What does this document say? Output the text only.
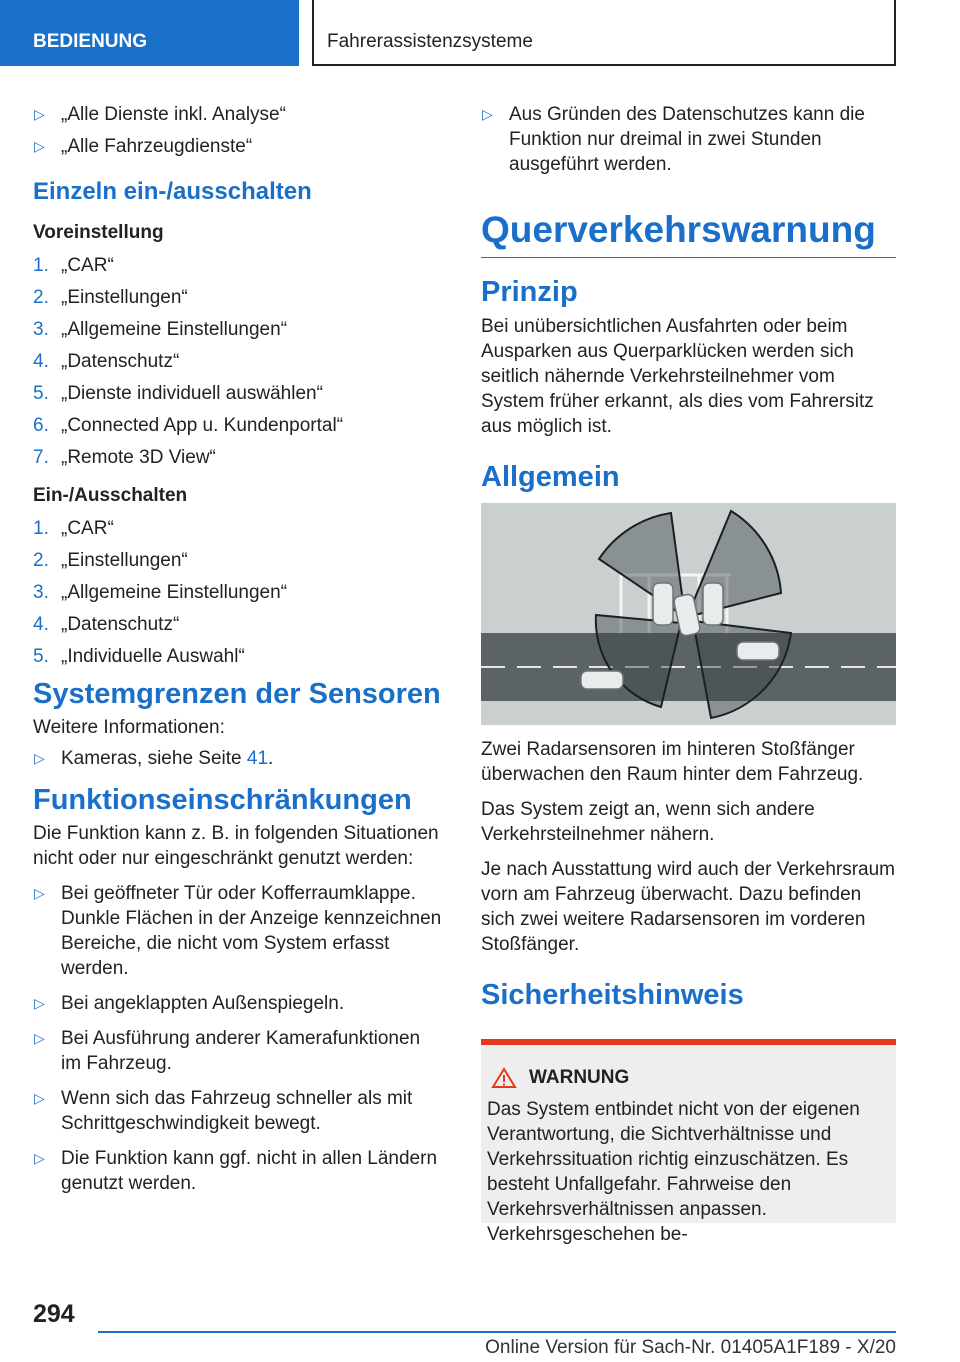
BEDIENUNG	Fahrerassistenzsysteme
▷ „Alle Dienste inkl. Analyse“
▷ „Alle Fahrzeugdienste“
Einzeln ein-/ausschalten
Voreinstellung
1. „CAR“
2. „Einstellungen“
3. „Allgemeine Einstellungen“
4. „Datenschutz“
5. „Dienste individuell auswählen“
6. „Connected App u. Kundenportal“
7. „Remote 3D View“
Ein-/Ausschalten
1. „CAR“
2. „Einstellungen“
3. „Allgemeine Einstellungen“
4. „Datenschutz“
5. „Individuelle Auswahl“
Systemgrenzen der Sensoren

Weitere Informationen:

▷ Kameras, siehe Seite 41.
Funktionseinschränkungen

Die Funktion kann z. B. in folgenden Situationen nicht oder nur eingeschränkt genutzt werden:

▷ Bei geöffneter Tür oder Kofferraumklappe. Dunkle Flächen in der Anzeige kennzeichnen Bereiche, die nicht vom System erfasst werden.
▷ Bei angeklappten Außenspiegeln.
▷ Bei Ausführung anderer Kamerafunktionen im Fahrzeug.
▷ Wenn sich das Fahrzeug schneller als mit Schrittgeschwindigkeit bewegt.
▷ Die Funktion kann ggf. nicht in allen Ländern genutzt werden.
▷ Aus Gründen des Datenschutzes kann die Funktion nur dreimal in zwei Stunden ausgeführt werden.
Querverkehrswarnung
Prinzip

Bei unübersichtlichen Ausfahrten oder beim Ausparken aus Querparklücken werden sich seitlich nähernde Verkehrsteilnehmer vom System früher erkannt, als dies vom Fahrersitz aus möglich ist.

Allgemein

Zwei Radarsensoren im hinteren Stoßfänger überwachen den Raum hinter dem Fahrzeug.

Das System zeigt an, wenn sich andere Verkehrsteilnehmer nähern.

Je nach Ausstattung wird auch der Verkehrsraum vorn am Fahrzeug überwacht. Dazu befinden sich zwei weitere Radarsensoren im vorderen Stoßfänger.

Sicherheitshinweis
WARNUNG

Das System entbindet nicht von der eigenen Verantwortung, die Sichtverhältnisse und Verkehrssituation richtig einzuschätzen. Es besteht Unfallgefahr. Fahrweise den Verkehrsverhältnissen anpassen. Verkehrsgeschehen be-

294
Online Version für Sach-Nr. 01405A1F189 - X/20
